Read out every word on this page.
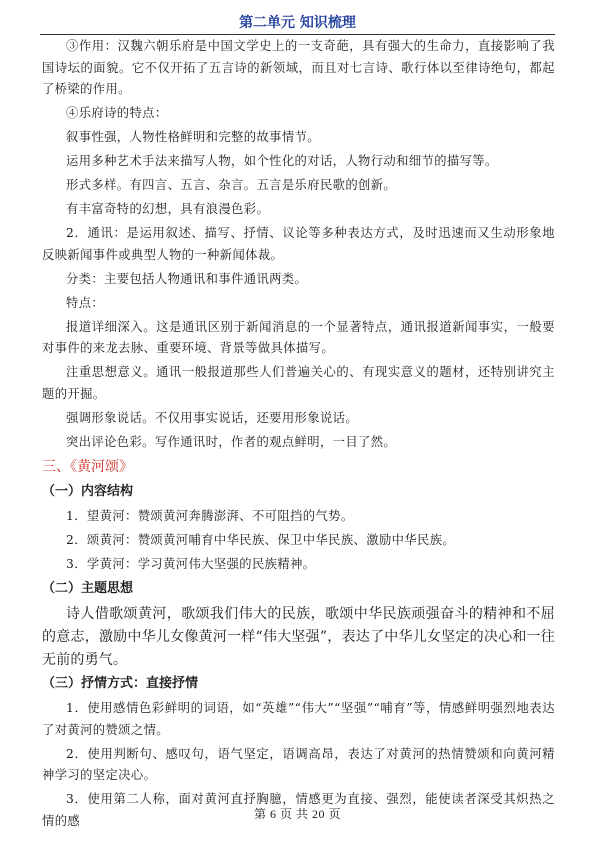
第二单元 知识梳理

③作用：汉魏六朝乐府是中国文学史上的一支奇葩，具有强大的生命力，直接影响了我国诗坛的面貌。它不仅开拓了五言诗的新领域，而且对七言诗、歌行体以至律诗绝句，都起了桥梁的作用。

④乐府诗的特点：

叙事性强，人物性格鲜明和完整的故事情节。

运用多种艺术手法来描写人物，如个性化的对话，人物行动和细节的描写等。

形式多样。有四言、五言、杂言。五言是乐府民歌的创新。

有丰富奇特的幻想，具有浪漫色彩。

2．通讯：是运用叙述、描写、抒情、议论等多种表达方式，及时迅速而又生动形象地反映新闻事件或典型人物的一种新闻体裁。

分类：主要包括人物通讯和事件通讯两类。

特点：

报道详细深入。这是通讯区别于新闻消息的一个显著特点，通讯报道新闻事实，一般要对事件的来龙去脉、重要环境、背景等做具体描写。

注重思想意义。通讯一般报道那些人们普遍关心的、有现实意义的题材，还特别讲究主题的开掘。

强调形象说话。不仅用事实说话，还要用形象说话。

突出评论色彩。写作通讯时，作者的观点鲜明，一目了然。

三、《黄河颂》
（一）内容结构

1．望黄河：赞颂黄河奔腾澎湃、不可阻挡的气势。

2．颂黄河：赞颂黄河哺育中华民族、保卫中华民族、激励中华民族。

3．学黄河：学习黄河伟大坚强的民族精神。

（二）主题思想

诗人借歌颂黄河，歌颂我们伟大的民族，歌颂中华民族顽强奋斗的精神和不屈的意志，激励中华儿女像黄河一样“伟大坚强”，表达了中华儿女坚定的决心和一往无前的勇气。

（三）抒情方式：直接抒情

1．使用感情色彩鲜明的词语，如“英雄”“伟大”“坚强”“哺育”等，情感鲜明强烈地表达了对黄河的赞颂之情。

2．使用判断句、感叹句，语气坚定，语调高昂，表达了对黄河的热情赞颂和向黄河精神学习的坚定决心。

3．使用第二人称，面对黄河直抒胸臆，情感更为直接、强烈，能使读者深受其炽热之情的感	第 6 页 共 20 页
